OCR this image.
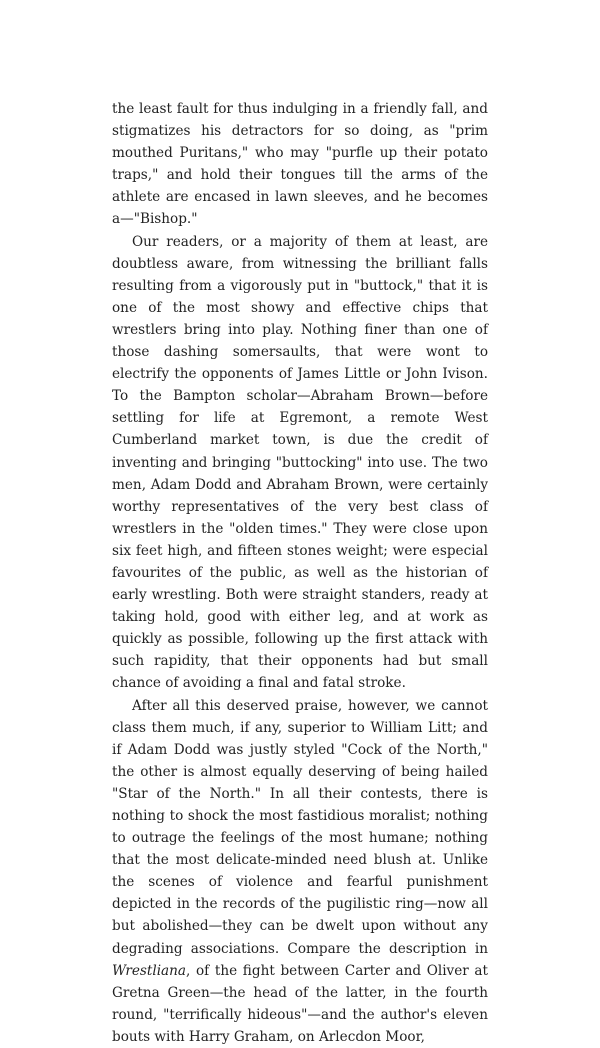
the least fault for thus indulging in a friendly fall, and stigmatizes his detractors for so doing, as "prim mouthed Puritans," who may "purfle up their potato traps," and hold their tongues till the arms of the athlete are encased in lawn sleeves, and he becomes a—"Bishop."

Our readers, or a majority of them at least, are doubtless aware, from witnessing the brilliant falls resulting from a vigorously put in "buttock," that it is one of the most showy and effective chips that wrestlers bring into play. Nothing finer than one of those dashing somersaults, that were wont to electrify the opponents of James Little or John Ivison. To the Bampton scholar—Abraham Brown—before settling for life at Egremont, a remote West Cumberland market town, is due the credit of inventing and bringing "buttocking" into use. The two men, Adam Dodd and Abraham Brown, were certainly worthy representatives of the very best class of wrestlers in the "olden times." They were close upon six feet high, and fifteen stones weight; were especial favourites of the public, as well as the historian of early wrestling. Both were straight standers, ready at taking hold, good with either leg, and at work as quickly as possible, following up the first attack with such rapidity, that their opponents had but small chance of avoiding a final and fatal stroke.

After all this deserved praise, however, we cannot class them much, if any, superior to William Litt; and if Adam Dodd was justly styled "Cock of the North," the other is almost equally deserving of being hailed "Star of the North." In all their contests, there is nothing to shock the most fastidious moralist; nothing to outrage the feelings of the most humane; nothing that the most delicate-minded need blush at. Unlike the scenes of violence and fearful punishment depicted in the records of the pugilistic ring—now all but abolished—they can be dwelt upon without any degrading associations. Compare the description in Wrestliana, of the fight between Carter and Oliver at Gretna Green—the head of the latter, in the fourth round, "terrifically hideous"—and the author's eleven bouts with Harry Graham, on Arlecdon Moor,
